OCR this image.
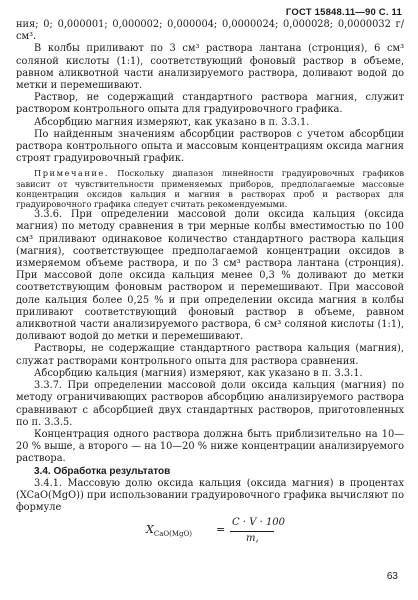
ГОСТ 15848.11—90 С. 11

ния; 0; 0,000001; 0,000002; 0,000004; 0,0000024; 0,000028; 0,0000032 г/см³.

В колбы приливают по 3 см³ раствора лантана (стронция), 6 см³ соляной кислоты (1:1), соответствующий фоновый раствор в объеме, равном аликвотной части анализируемого раствора, доливают водой до метки и перемешивают.

Раствор, не содержащий стандартного раствора магния, служит раствором контрольного опыта для градуировочного графика.

Абсорбцию магния измеряют, как указано в п. 3.3.1.

По найденным значениям абсорбции растворов с учетом абсорбции раствора контрольного опыта и массовым концентрациям оксида магния строят градуировочный график.

Примечание. Поскольку диапазон линейности градуировочных графиков зависит от чувствительности применяемых приборов, предполагаемые массовые концентрации оксидов кальция и магния в растворах проб и растворах для градуировочного графика следует считать рекомендуемыми.

3.3.6. При определении массовой доли оксида кальция (оксида магния) по методу сравнения в три мерные колбы вместимостью по 100 см³ приливают одинаковое количество стандартного раствора кальция (магния), соответствующее предполагаемой концентрации оксидов в измеряемом объеме раствора, и по 3 см³ раствора лантана (стронция). При массовой доле оксида кальция менее 0,3 % доливают до метки соответствующим фоновым раствором и перемешивают. При массовой доле кальция более 0,25 % и при определении оксида магния в колбы приливают соответствующий фоновый раствор в объеме, равном аликвотной части анализируемого раствора, 6 см³ соляной кислоты (1:1), доливают водой до метки и перемешивают.

Растворы, не содержащие стандартного раствора кальция (магния), служат растворами контрольного опыта для раствора сравнения.

Абсорбцию кальция (магния) измеряют, как указано в п. 3.3.1.

3.3.7. При определении массовой доли оксида кальция (магния) по методу ограничивающих растворов абсорбцию анализируемого раствора сравнивают с абсорбцией двух стандартных растворов, приготовленных по п. 3.3.5.

Концентрация одного раствора должна быть приблизительно на 10—20 % выше, а второго — на 10—20 % ниже концентрации анализируемого раствора.

3.4. Обработка результатов

3.4.1. Массовую долю оксида кальция (оксида магния) в процентах (XCaO(MgO)) при использовании градуировочного графика вычисляют по формуле

$X_{CaO(MgO)}$ =
C · V · 100
m,
63
